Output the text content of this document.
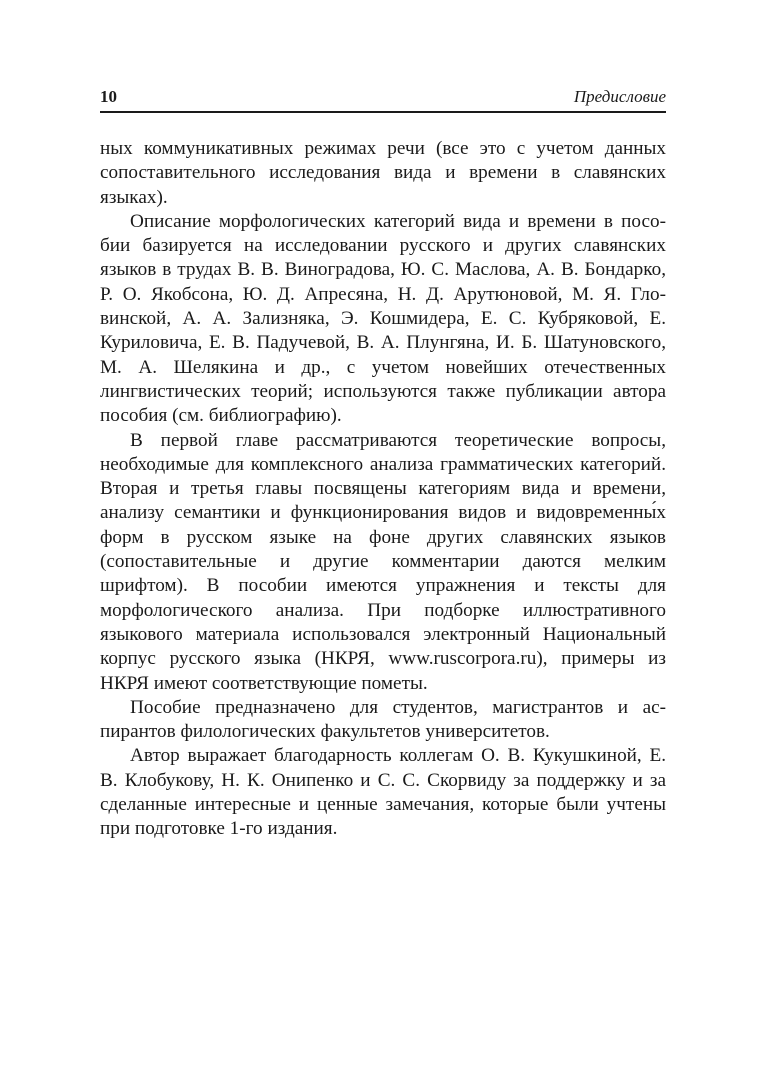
10	Предисловие

ных коммуникативных режимах речи (все это с учетом данных сопоставительного исследования вида и времени в славянских языках).

Описание морфологических категорий вида и времени в пособии базируется на исследовании русского и других славянских языков в трудах В. В. Виноградова, Ю. С. Маслова, А. В. Бондарко, Р. О. Якобсона, Ю. Д. Апресяна, Н. Д. Арутюновой, М. Я. Гловинской, А. А. Зализняка, Э. Кошмидера, Е. С. Кубряковой, Е. Куриловича, Е. В. Падучевой, В. А. Плунгяна, И. Б. Шатуновского, М. А. Шелякина и др., с учетом новейших отечественных лингвистических теорий; используются также публикации автора пособия (см. библиографию).

В первой главе рассматриваются теоретические вопросы, необходимые для комплексного анализа грамматических категорий. Вторая и третья главы посвящены категориям вида и времени, анализу семантики и функционирования видов и видовременны́х форм в русском языке на фоне других славянских языков (сопоставительные и другие комментарии даются мелким шрифтом). В пособии имеются упражнения и тексты для морфологического анализа. При подборке иллюстративного языкового материала использовался электронный Национальный корпус русского языка (НКРЯ, www.ruscorpora.ru), примеры из НКРЯ имеют соответствующие пометы.

Пособие предназначено для студентов, магистрантов и аспирантов филологических факультетов университетов.

Автор выражает благодарность коллегам О. В. Кукушкиной, Е. В. Клобукову, Н. К. Онипенко и С. С. Скорвиду за поддержку и за сделанные интересные и ценные замечания, которые были учтены при подготовке 1-го издания.
